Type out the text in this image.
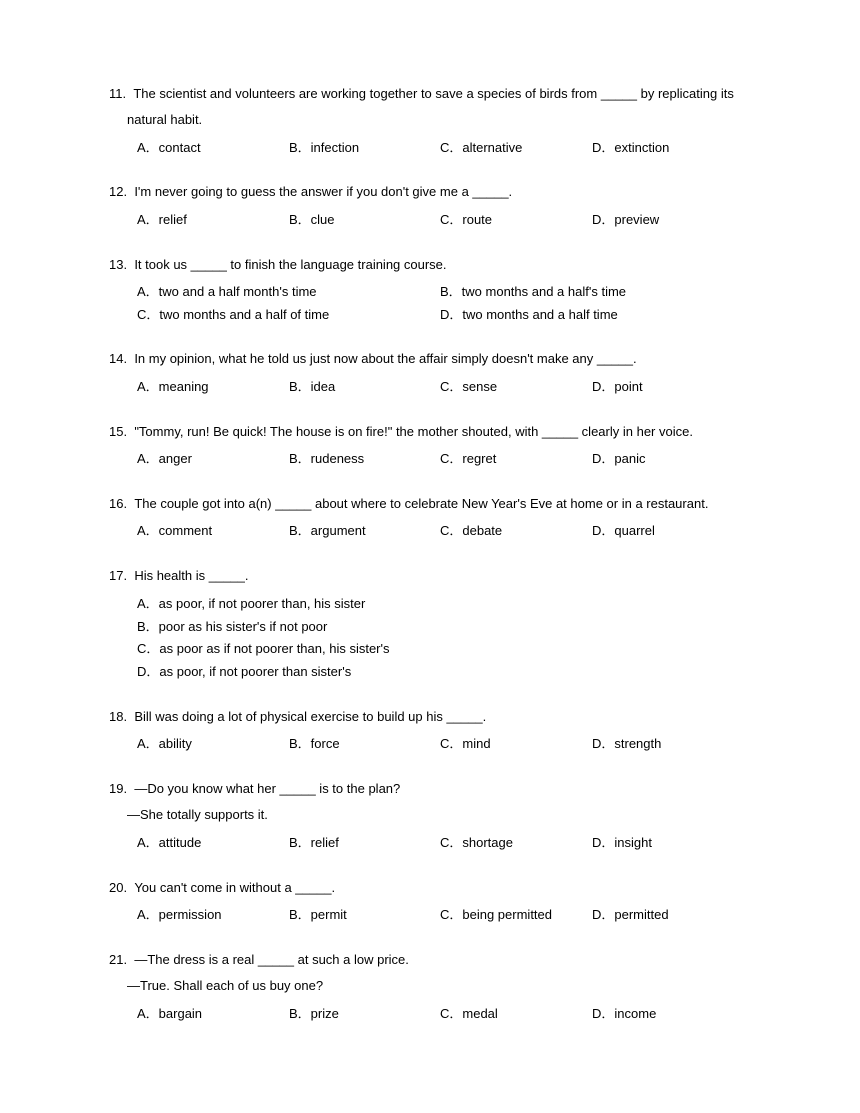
11. The scientist and volunteers are working together to save a species of birds from _____ by replicating its
natural habit.
A．contact	B．infection	C．alternative	D．extinction
12. I'm never going to guess the answer if you don't give me a _____.
A．relief	B．clue	C．route	D．preview
13. It took us _____ to finish the language training course.
A．two and a half month's time	B．two months and a half's time
C．two months and a half of time	D．two months and a half time
14. In my opinion, what he told us just now about the affair simply doesn't make any _____.
A．meaning	B．idea	C．sense	D．point
15. "Tommy, run! Be quick! The house is on fire!" the mother shouted, with _____ clearly in her voice.
A．anger	B．rudeness	C．regret	D．panic
16. The couple got into a(n) _____ about where to celebrate New Year's Eve at home or in a restaurant.
A．comment	B．argument	C．debate	D．quarrel
17. His health is _____.
A．as poor, if not poorer than, his sister
B．poor as his sister's if not poor
C．as poor as if not poorer than, his sister's
D．as poor, if not poorer than sister's
18. Bill was doing a lot of physical exercise to build up his _____.
A．ability	B．force	C．mind	D．strength
19. —Do you know what her _____ is to the plan?
—She totally supports it.
A．attitude	B．relief	C．shortage	D．insight
20. You can't come in without a _____.
A．permission	B．permit	C．being permitted	D．permitted
21. —The dress is a real _____ at such a low price.
—True. Shall each of us buy one?
A．bargain	B．prize	C．medal	D．income
